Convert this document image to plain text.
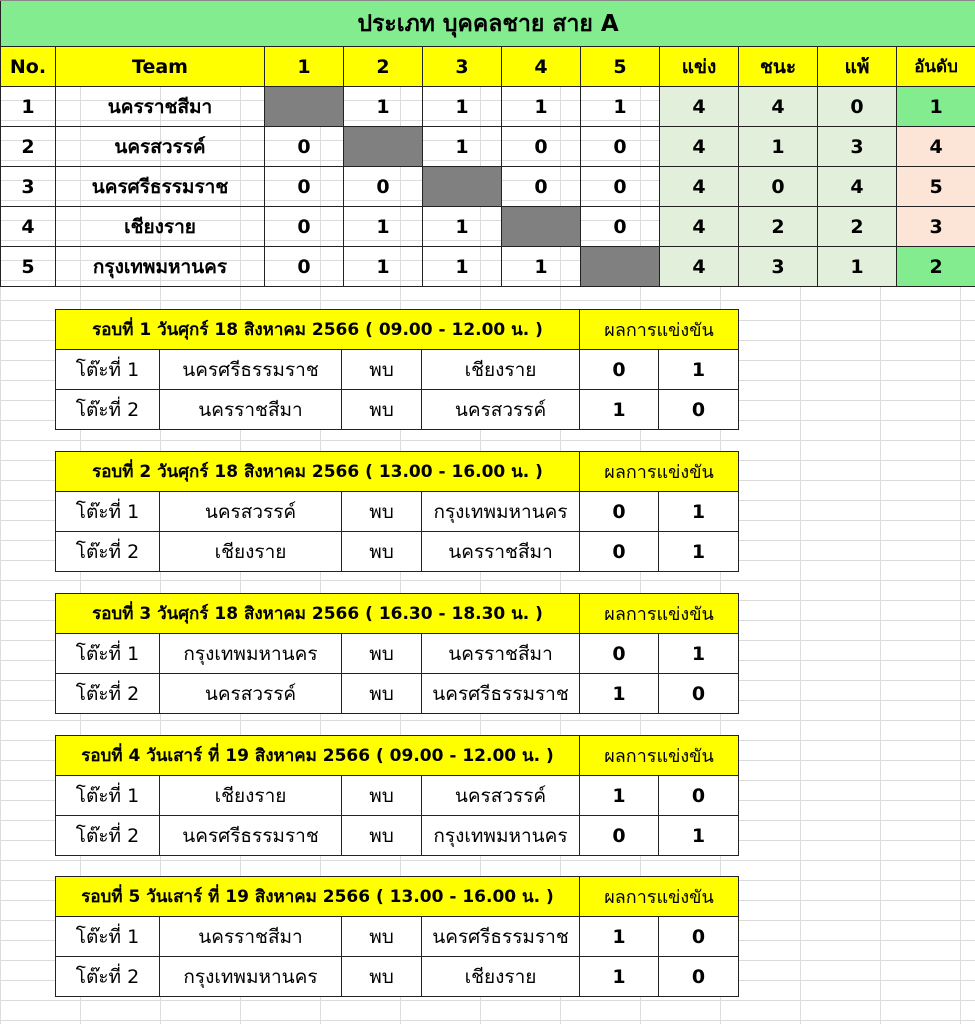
ประเภท บุคคลชาย สาย A										
No.	Team	1	2	3	4	5	แข่ง	ชนะ	แพ้	อันดับ
1	นครราชสีมา		1	1	1	1	4	4	0	1
2	นครสวรรค์	0		1	0	0	4	1	3	4
3	นครศรีธรรมราช	0	0		0	0	4	0	4	5
4	เชียงราย	0	1	1		0	4	2	2	3
5	กรุงเทพมหานคร	0	1	1	1		4	3	1	2
รอบที่ 1 วันศุกร์ 18 สิงหาคม 2566 ( 09.00 - 12.00 น. )				ผลการแข่งขัน	
โต๊ะที่ 1	นครศรีธรรมราช	พบ	เชียงราย	0	1
โต๊ะที่ 2	นครราชสีมา	พบ	นครสวรรค์	1	0
รอบที่ 2 วันศุกร์ 18 สิงหาคม 2566 ( 13.00 - 16.00 น. )				ผลการแข่งขัน	
โต๊ะที่ 1	นครสวรรค์	พบ	กรุงเทพมหานคร	0	1
โต๊ะที่ 2	เชียงราย	พบ	นครราชสีมา	0	1
รอบที่ 3 วันศุกร์ 18 สิงหาคม 2566 ( 16.30 - 18.30 น. )				ผลการแข่งขัน	
โต๊ะที่ 1	กรุงเทพมหานคร	พบ	นครราชสีมา	0	1
โต๊ะที่ 2	นครสวรรค์	พบ	นครศรีธรรมราช	1	0
รอบที่ 4 วันเสาร์ ที่ 19 สิงหาคม 2566 ( 09.00 - 12.00 น. )				ผลการแข่งขัน	
โต๊ะที่ 1	เชียงราย	พบ	นครสวรรค์	1	0
โต๊ะที่ 2	นครศรีธรรมราช	พบ	กรุงเทพมหานคร	0	1
รอบที่ 5 วันเสาร์ ที่ 19 สิงหาคม 2566 ( 13.00 - 16.00 น. )				ผลการแข่งขัน	
โต๊ะที่ 1	นครราชสีมา	พบ	นครศรีธรรมราช	1	0
โต๊ะที่ 2	กรุงเทพมหานคร	พบ	เชียงราย	1	0
